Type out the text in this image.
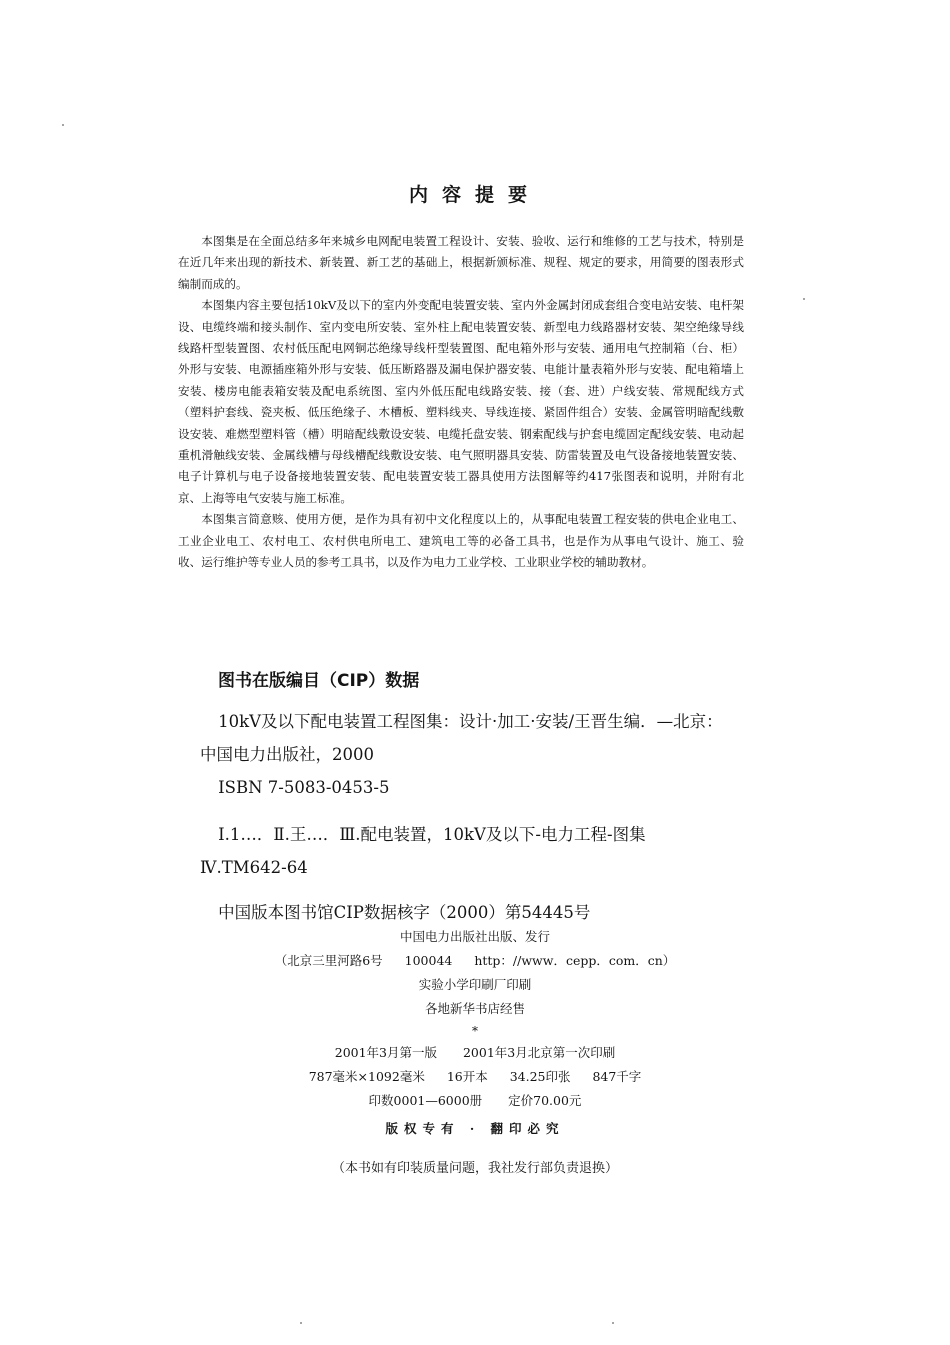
内容提要

本图集是在全面总结多年来城乡电网配电装置工程设计、安装、验收、运行和维修的工艺与技术，特别是在近几年来出现的新技术、新装置、新工艺的基础上，根据新颁标准、规程、规定的要求，用简要的图表形式编制而成的。

本图集内容主要包括10kV及以下的室内外变配电装置安装、室内外金属封闭成套组合变电站安装、电杆架设、电缆终端和接头制作、室内变电所安装、室外柱上配电装置安装、新型电力线路器材安装、架空绝缘导线线路杆型装置图、农村低压配电网铜芯绝缘导线杆型装置图、配电箱外形与安装、通用电气控制箱（台、柜）外形与安装、电源插座箱外形与安装、低压断路器及漏电保护器安装、电能计量表箱外形与安装、配电箱墙上安装、楼房电能表箱安装及配电系统图、室内外低压配电线路安装、接（套、进）户线安装、常规配线方式（塑料护套线、瓷夹板、低压绝缘子、木槽板、塑料线夹、导线连接、紧固件组合）安装、金属管明暗配线敷设安装、难燃型塑料管（槽）明暗配线敷设安装、电缆托盘安装、钢索配线与护套电缆固定配线安装、电动起重机滑触线安装、金属线槽与母线槽配线敷设安装、电气照明器具安装、防雷装置及电气设备接地装置安装、电子计算机与电子设备接地装置安装、配电装置安装工器具使用方法图解等约417张图表和说明，并附有北京、上海等电气安装与施工标准。

本图集言简意赅、使用方便，是作为具有初中文化程度以上的，从事配电装置工程安装的供电企业电工、工业企业电工、农村电工、农村供电所电工、建筑电工等的必备工具书，也是作为从事电气设计、施工、验收、运行维护等专业人员的参考工具书，以及作为电力工业学校、工业职业学校的辅助教材。

图书在版编目（CIP）数据

10kV及以下配电装置工程图集：设计·加工·安装/王晋生编．—北京：中国电力出版社，2000

ISBN 7-5083-0453-5

Ⅰ.1…．Ⅱ.王…．Ⅲ.配电装置，10kV及以下-电力工程-图集 Ⅳ.TM642-64

中国版本图书馆CIP数据核字（2000）第54445号

中国电力出版社出版、发行
（北京三里河路6号 100044 http：//www．cepp．com．cn）
实验小学印刷厂印刷
各地新华书店经售
*
2001年3月第一版 2001年3月北京第一次印刷
787毫米×1092毫米 16开本 34.25印张 847千字
印数0001—6000册 定价70.00元
版权专有 · 翻印必究
（本书如有印装质量问题，我社发行部负责退换）
